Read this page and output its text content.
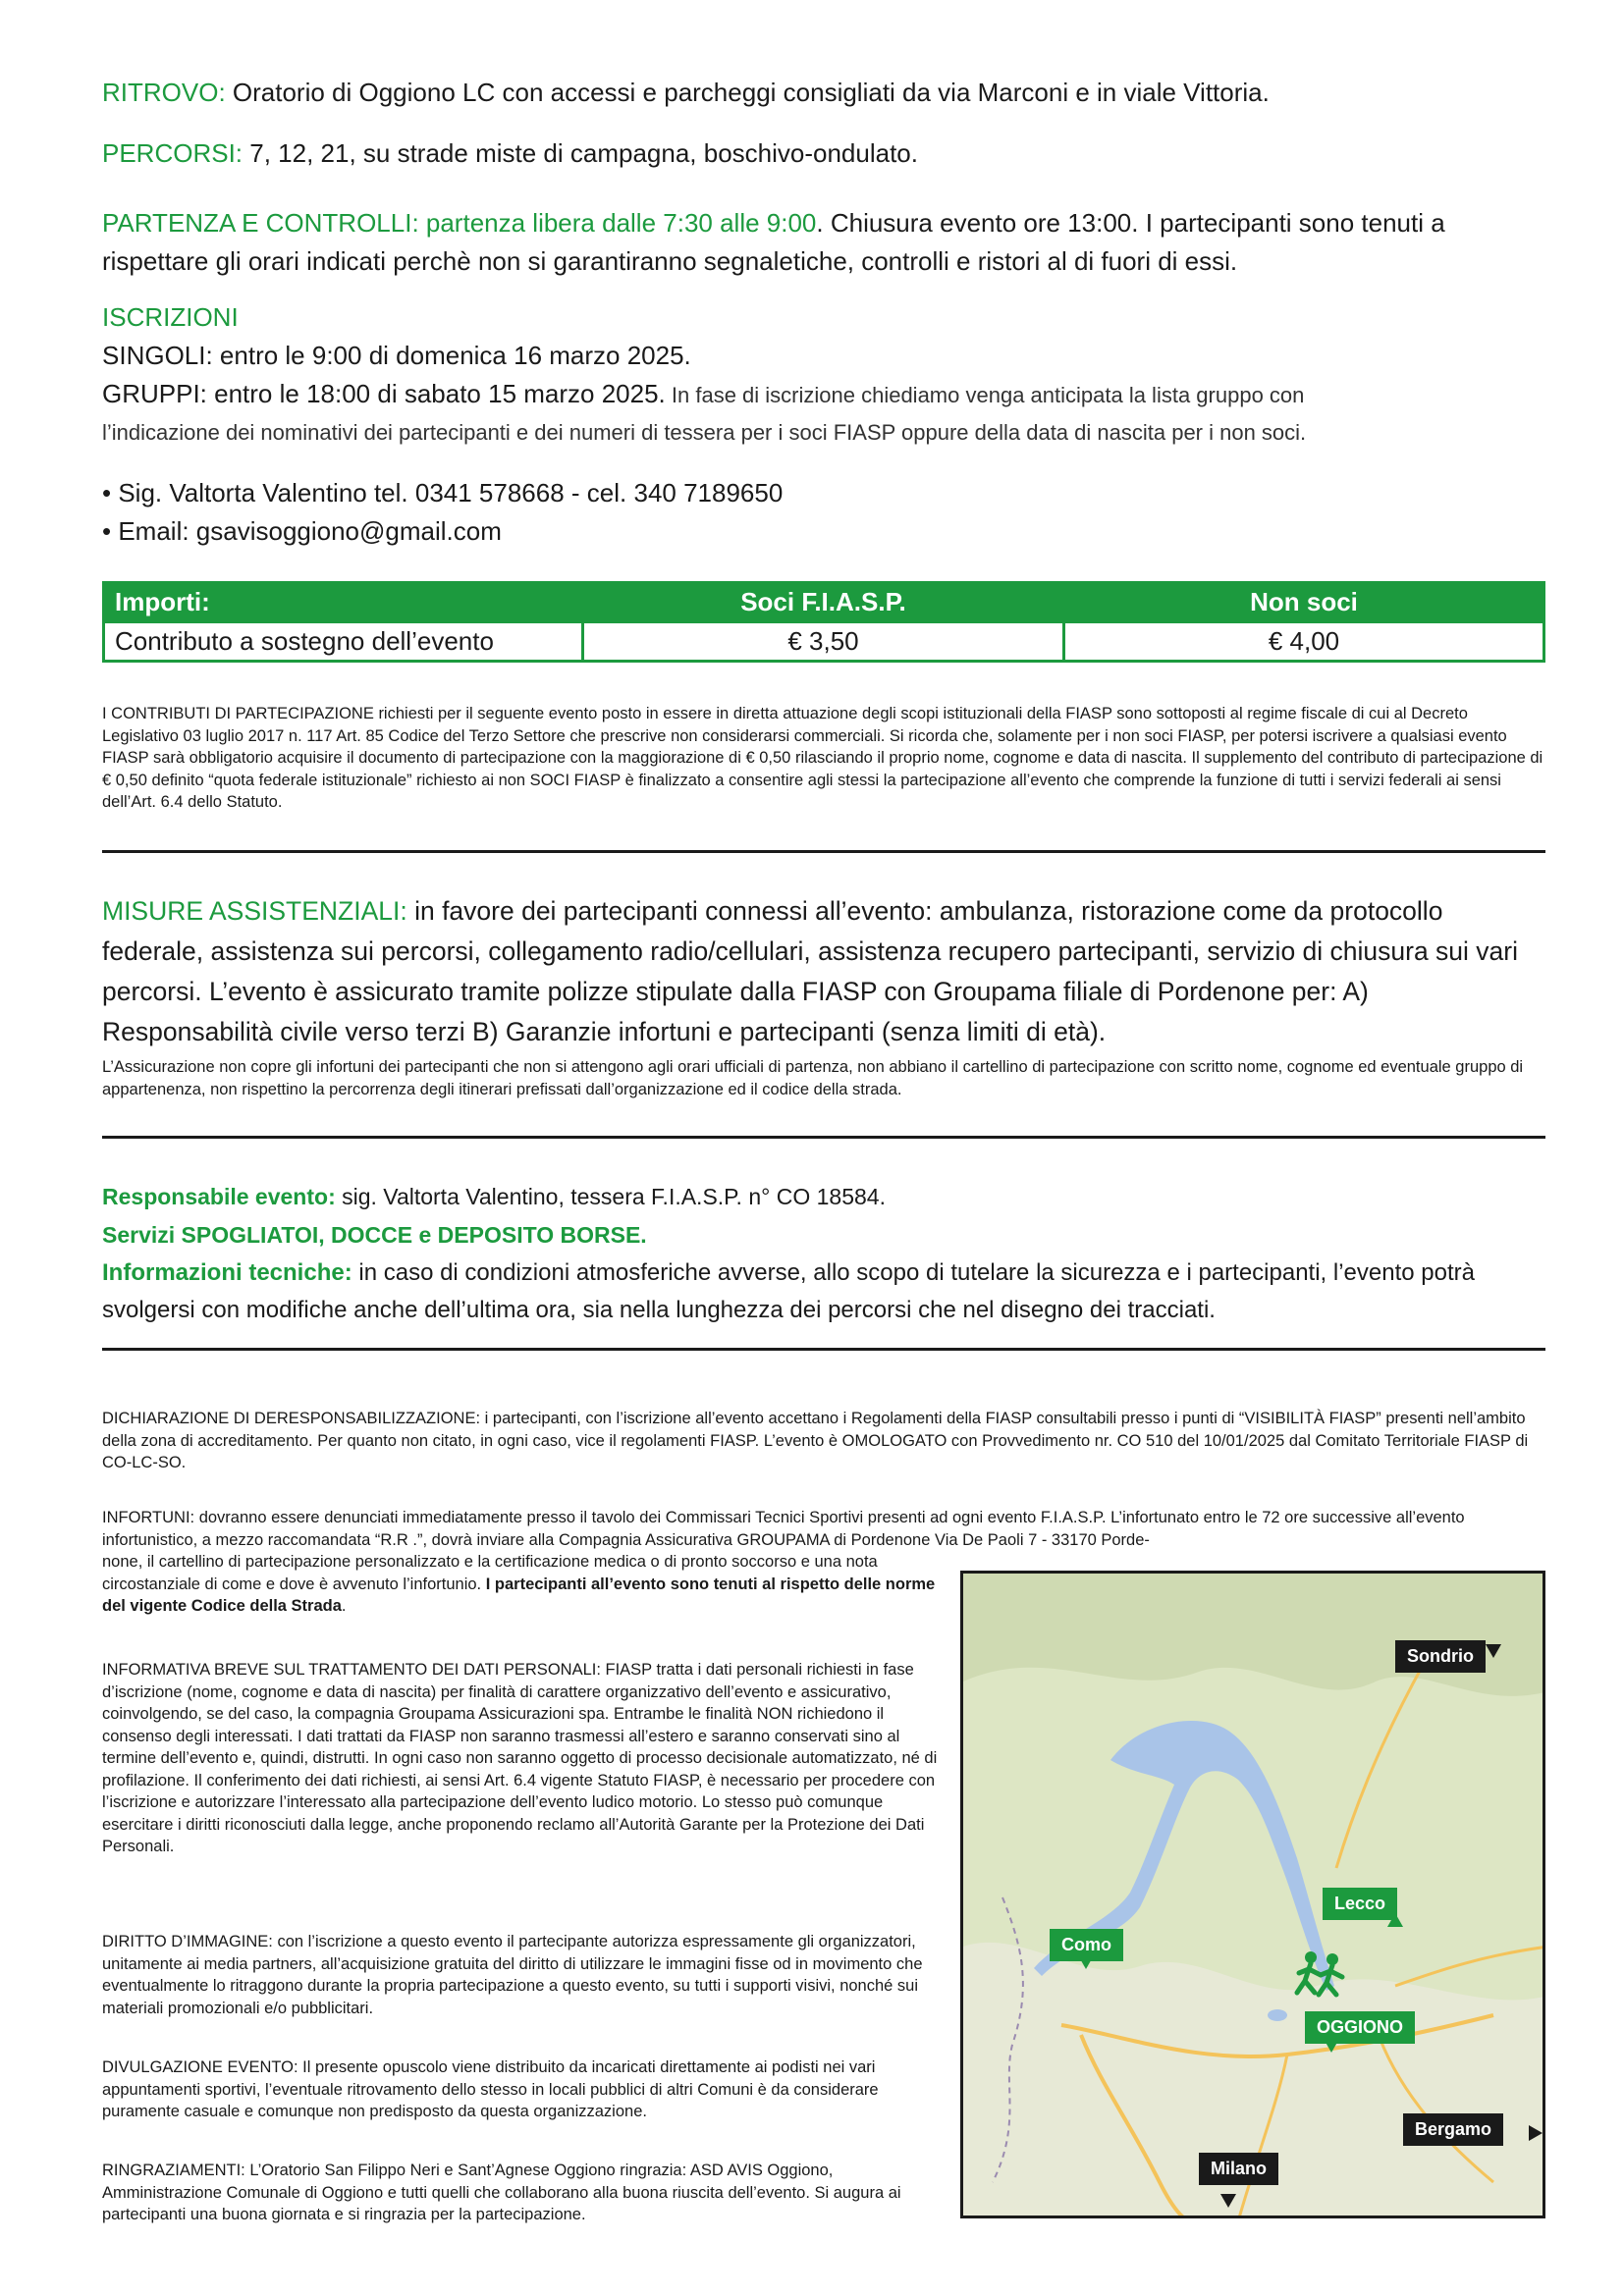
RITROVO: Oratorio di Oggiono LC con accessi e parcheggi consigliati da via Marconi e in viale Vittoria.
PERCORSI: 7, 12, 21, su strade miste di campagna, boschivo-ondulato.
PARTENZA E CONTROLLI: partenza libera dalle 7:30 alle 9:00. Chiusura evento ore 13:00. I partecipanti sono tenuti a
rispettare gli orari indicati perchè non si garantiranno segnaletiche, controlli e ristori al di fuori di essi.
ISCRIZIONI
SINGOLI: entro le 9:00 di domenica 16 marzo 2025.
GRUPPI: entro le 18:00 di sabato 15 marzo 2025. In fase di iscrizione chiediamo venga anticipata la lista gruppo con
l’indicazione dei nominativi dei partecipanti e dei numeri di tessera per i soci FIASP oppure della data di nascita per i non soci.
• Sig. Valtorta Valentino tel. 0341 578668 - cel. 340 7189650
• Email: gsavisoggiono@gmail.com
Importi:	Soci F.I.A.S.P.	Non soci
Contributo a sostegno dell’evento	€ 3,50	€ 4,00
I CONTRIBUTI DI PARTECIPAZIONE richiesti per il seguente evento posto in essere in diretta attuazione degli scopi istituzionali della FIASP sono sottoposti al regime fiscale di cui al Decreto Legislativo 03 luglio 2017 n. 117 Art. 85 Codice del Terzo Settore che prescrive non considerarsi commerciali. Si ricorda che, solamente per i non soci FIASP, per potersi iscrivere a qualsiasi evento FIASP sarà obbligatorio acquisire il documento di partecipazione con la maggiorazione di € 0,50 rilasciando il proprio nome, cognome e data di nascita. Il supplemento del contributo di partecipazione di € 0,50 definito “quota federale istituzionale” richiesto ai non SOCI FIASP è finalizzato a consentire agli stessi la partecipazione all’evento che comprende la funzione di tutti i servizi federali ai sensi dell’Art. 6.4 dello Statuto.
MISURE ASSISTENZIALI: in favore dei partecipanti connessi all’evento: ambulanza, ristorazione come da protocollo federale, assistenza sui percorsi, collegamento radio/cellulari, assistenza recupero partecipanti, servizio di chiusura sui vari percorsi. L’evento è assicurato tramite polizze stipulate dalla FIASP con Groupama filiale di Pordenone per: A) Responsabilità civile verso terzi B) Garanzie infortuni e partecipanti (senza limiti di età).
L’Assicurazione non copre gli infortuni dei partecipanti che non si attengono agli orari ufficiali di partenza, non abbiano il cartellino di partecipazione con scritto nome, cognome ed eventuale gruppo di appartenenza, non rispettino la percorrenza degli itinerari prefissati dall’organizzazione ed il codice della strada.
Responsabile evento: sig. Valtorta Valentino, tessera F.I.A.S.P. n° CO 18584.
Servizi SPOGLIATOI, DOCCE e DEPOSITO BORSE.
Informazioni tecniche: in caso di condizioni atmosferiche avverse, allo scopo di tutelare la sicurezza e i partecipanti, l’evento potrà svolgersi con modifiche anche dell’ultima ora, sia nella lunghezza dei percorsi che nel disegno dei tracciati.
DICHIARAZIONE DI DERESPONSABILIZZAZIONE: i partecipanti, con l’iscrizione all’evento accettano i Regolamenti della FIASP consultabili presso i punti di “VISIBILITÀ FIASP” presenti nell’ambito della zona di accreditamento. Per quanto non citato, in ogni caso, vice il regolamenti FIASP. L’evento è OMOLOGATO con Provvedimento nr. CO 510 del 10/01/2025 dal Comitato Territoriale FIASP di CO-LC-SO.
INFORTUNI: dovranno essere denunciati immediatamente presso il tavolo dei Commissari Tecnici Sportivi presenti ad ogni evento F.I.A.S.P. L’infortunato entro le 72 ore successive all’evento infortunistico, a mezzo raccomandata “R.R .”, dovrà inviare alla Compagnia Assicurativa GROUPAMA di Pordenone Via De Paoli 7 - 33170 Porde-
none, il cartellino di partecipazione personalizzato e la certificazione medica o di pronto soccorso e una nota circostanziale di come e dove è avvenuto l’infortunio. I partecipanti all’evento sono tenuti al rispetto delle norme del vigente Codice della Strada.
INFORMATIVA BREVE SUL TRATTAMENTO DEI DATI PERSONALI: FIASP tratta i dati personali richiesti in fase d’iscrizione (nome, cognome e data di nascita) per finalità di carattere organizzativo dell’evento e assicurativo, coinvolgendo, se del caso, la compagnia Groupama Assicurazioni spa. Entrambe le finalità NON richiedono il consenso degli interessati. I dati trattati da FIASP non saranno trasmessi all’estero e saranno conservati sino al termine dell’evento e, quindi, distrutti. In ogni caso non saranno oggetto di processo decisionale automatizzato, né di profilazione. Il conferimento dei dati richiesti, ai sensi Art. 6.4 vigente Statuto FIASP, è necessario per procedere con l’iscrizione e autorizzare l’interessato alla partecipazione dell’evento ludico motorio. Lo stesso può comunque esercitare i diritti riconosciuti dalla legge, anche proponendo reclamo all’Autorità Garante per la Protezione dei Dati Personali.
DIRITTO D’IMMAGINE: con l’iscrizione a questo evento il partecipante autorizza espressamente gli organizzatori, unitamente ai media partners, all’acquisizione gratuita del diritto di utilizzare le immagini fisse od in movimento che eventualmente lo ritraggono durante la propria partecipazione a questo evento, su tutti i supporti visivi, nonché sui materiali promozionali e/o pubblicitari.
DIVULGAZIONE EVENTO: Il presente opuscolo viene distribuito da incaricati direttamente ai podisti nei vari appuntamenti sportivi, l’eventuale ritrovamento dello stesso in locali pubblici di altri Comuni è da considerare puramente casuale e comunque non predisposto da questa organizzazione.
RINGRAZIAMENTI: L’Oratorio San Filippo Neri e Sant’Agnese Oggiono ringrazia: ASD AVIS Oggiono, Amministrazione Comunale di Oggiono e tutti quelli che collaborano alla buona riuscita dell’evento. Si augura ai partecipanti una buona giornata e si ringrazia per la partecipazione.
Sondrio
Lecco
Como
OGGIONO
Bergamo
Milano
